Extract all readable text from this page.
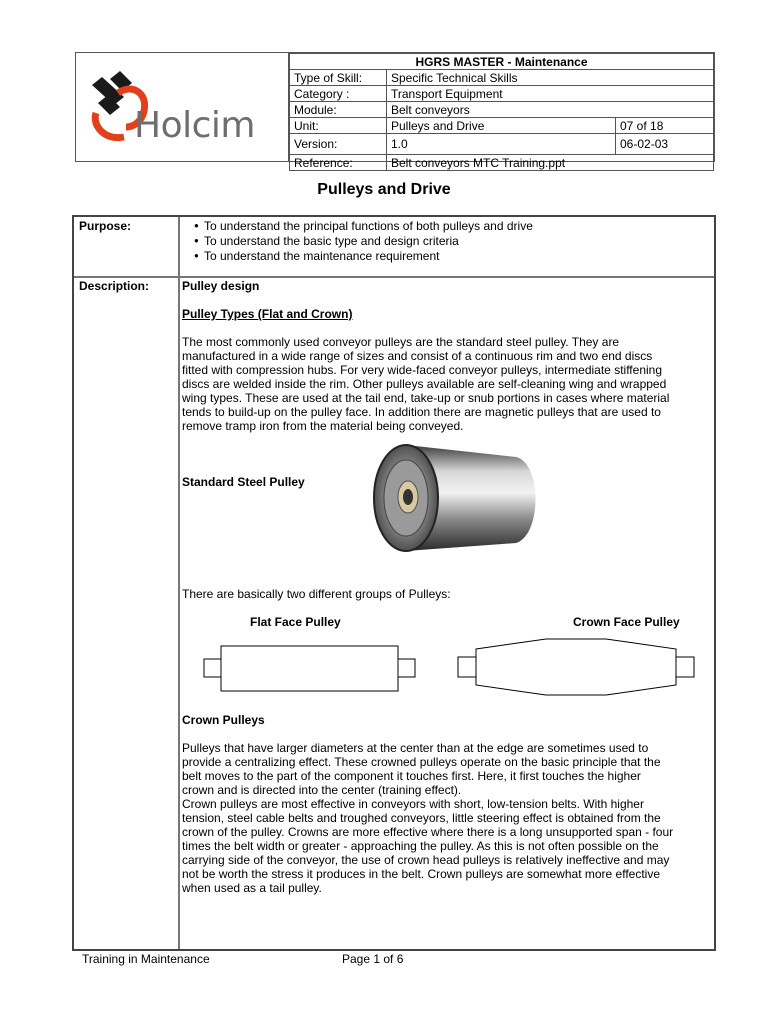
Holcim
HGRS MASTER - Maintenance		
Type of Skill:	Specific Technical Skills	
Category :	Transport Equipment	
Module:	Belt conveyors	
Unit:	Pulleys and Drive	07 of 18
Version:	1.0	06-02-03
Reference:	Belt conveyors MTC Training.ppt	
Pulleys and Drive
Purpose:	● To understand the principal functions of both pulleys and drive
● To understand the basic type and design criteria
● To understand the maintenance requirement
Description:	Pulley design
Pulley Types (Flat and Crown)
The most commonly used conveyor pulleys are the standard steel pulley. They are
manufactured in a wide range of sizes and consist of a continuous rim and two end discs
fitted with compression hubs. For very wide-faced conveyor pulleys, intermediate stiffening
discs are welded inside the rim. Other pulleys available are self-cleaning wing and wrapped
wing types. These are used at the tail end, take-up or snub portions in cases where material
tends to build-up on the pulley face. In addition there are magnetic pulleys that are used to
remove tramp iron from the material being conveyed.
Standard Steel Pulley
There are basically two different groups of Pulleys:
Flat Face Pulley	Crown Face Pulley
Crown Pulleys
Pulleys that have larger diameters at the center than at the edge are sometimes used to
provide a centralizing effect. These crowned pulleys operate on the basic principle that the
belt moves to the part of the component it touches first. Here, it first touches the higher
crown and is directed into the center (training effect).
Crown pulleys are most effective in conveyors with short, low-tension belts. With higher
tension, steel cable belts and troughed conveyors, little steering effect is obtained from the
crown of the pulley. Crowns are more effective where there is a long unsupported span - four
times the belt width or greater - approaching the pulley. As this is not often possible on the
carrying side of the conveyor, the use of crown head pulleys is relatively ineffective and may
not be worth the stress it produces in the belt. Crown pulleys are somewhat more effective
when used as a tail pulley.
Training in Maintenance	Page 1 of 6
